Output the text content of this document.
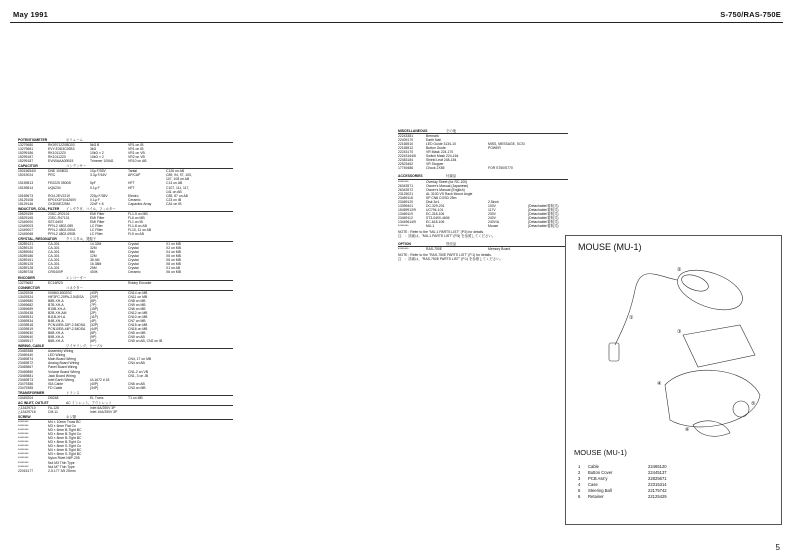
May 1991	S-750/RAS-750E
POTENTIOMETER	ボリューム
13279680	RK09712Z0BD03	5kΩ B	VR1 on IB
13279681	EVY-E3D3C20B3	3kΩ	VR1 on IB
15299186	RK10112Z0	10kΩ × 2	VR1 on VB
15299187	RK10112Z0	10kΩ × 2	VR2 on VB
15299187	EVN0AAA00B15	Trimmer 100kΩ	VR10 on AB
CAPACITOR	コンデンサー
15015654/0	DNE 100B33	10μ F/35V	Tantal	C126 on AB
15019024	PRC	3.3μ F/16V	AP/CAP	C89, 94, 97, 100,
107, 108 on AB
15159813	FE0225 050D5	5pF	HFT	C13 on AB
15159814	UQ6234	0.1μ F	HFT	C107, 111, 117,
141 on AB
15169673	RO4-2EV2210	220μ F/35V	Electro	C85, 87 on AB
15129108	EP01X2F104Z60V	0.1μ F	Ceramic	C23 on IB
15129146	CKD05E225M	22nF × 8	Capacitor Array	CA1 on IB
INDUCTOR, COIL, FILTER	インダクタ、コイル、フィルター
15529159	23SC-2R2101	EMI Filter	FL1-5 on MB
15529165	23SC-R47101	EMI Filter	FL6 on MB
12449000	SST-6400	EMI Filter	FL1 on IB
12449003	PFN-2 4802-089	LC Filter	FL1-8 on AB
12449007	PFN-2 4802-090A	LC Filter	FL10, 11 on AB
12449068	PFN-2 4802-090B	LC Filter	FL9 on AB
CRYSTAL, RESONATOR	クリスタル、発振子
15289121	CA-301	14.32M	Crystal	X1 on MB
15289120	CA-301	32M	Crystal	X2 on MB
15289084	CA-301	8M	Crystal	X4 on MB
15289186	CA-301	12M	Crystal	X5 on MB
15289161	CA-301	36.4M	Crystal	X6 on MB
15289125	CA-301	16.38M	Crystal	X8 on MB
15289128	CA-301	25M	Crystal	X1 on AB
15289728	CRS400P	400K	Ceramic	X6 on MB
ENCODER	エンコーダー
13279682	EC16R20	Rotary Encoder
CONNECTOR	コネクター
13429208	IX0863-8002SC	(40P)	CN14 on MB
13429324	HIF3FC-20PA-2.54DSA	(20P)	CN11 on MB
13469580	B8B-XH-A	(8P)	CN8 on MB
13069682	B7B-XH-A	(7P)	CN9 on MB
13069689	B15B-XH-A	(15P)	CN6 on MB
13439438	B2B-XH-AM	(2P)	CN12 on MB
13069531	B11B-XH-A	(11P)	CN10 on MB
13069534	B4B-XH-A	(4P)	CN7 on MB
13039818	PCN10EB-32P-2.54DSA	(32P)	CN15 on MB
13039819	PCN10EB-44P-2.54DSA	(44P)	CN16 on MB
13069630	B6B-XH-A	(6P)	CN5 on MB
13069640	B9B-XH-A	(9P)	CN9 on AB
13069517	B6B-XH-A	(6P)	CN5 on AB, CN2 on IB
WIRING, CABLE	ワイヤリング、ケーブル
23469388	Assembly Wiring
23469440	LED Wiring
23469874	Main Board Wiring	CN4, 17 on MB
23469872	Analog Board Wiring	CN4 on AB
23469867	Panel Board Wiring
23469880	Volume Board Wiring	CN1-2 on VB
23469881	Jack Board Wiring	CN1, 3 on JB
23469873	Inlet Earth Wiring	UL1672 # 18
23479386	ISA Cable	(40P)	CN6 on AB
23479385	FD Cable	(34P)	CN3 on MB
TRANSFORMER	トランス
13449204	DB248	EL Trans	T1 on MB
AC INLET, OUTLET	AC インレット、アウトレット
△13429710	FA-128	Inlet 6A/250V 3P
△13429718	CM-11	Inlet 10A/250V 3P
SCREW	ネジ類
********	M4 × 10mm Truss BC
********	M3 × 6mm Flat Cn
********	M3 × 6mm B-Tight BC
********	M3 × 8mm B-Tight Cn
********	M3 × 8mm B-Tight BC
********	M3 × 8mm B-Tight Cn
********	M3 × 8mm S-Tight Cn
********	M4 × 6mm B-Tight BC
********	M3 × 8mm S-Tight BC
********	Nylon Rivet N6P-205
********	Nut M3 Thin Type
********	Nut M7 Thin Type
22015177	2-5.177 3/5 25mm
MISCELLANEOUS	その他
22243381	Bremark
22409170	Earth Nail
22165510	LED Guide 3134-10	MISS, MESSAGE, SCSI
22165512	Button Guide	POWER
22243170	VR Mask 224-170
22243164/6	Switch Mask 224-164
22483184	Shield Leaf 248-184
22523462	VR Stopper
17749486	Chock 2X85	FOR S750/S770
ACCESSORIES	付属品
********	Overlay Sheet (for RC-100)
26343571	Owner's Manual (Japanese)
26343572	Owner's Manual (English)
23125021	AL 3100 VS Rack Mount Angle
23469118	SP CN6 COSD 25m
23469120	Disk 3σ1	2.5inch
13399401	DC-329-201	100V	(Detachable/着脱式)
15459912/9	UC794-101	117V	(Detachable/着脱式)
13469119	EC-318-106	230V	(Detachable/着脱式)
23469112	ST3-0400-4606	240V	(Detachable/着脱式)
13449614/9	EC-618-106	240V/A	(Detachable/着脱式)
********	MU-1	Mouse	(Detachable/着脱式)
NOTE : Refer to the "MU-1 PARTS LIST" (P.5) for details.
注　：詳細は、"MU-1 PARTS LIST" (P.5) を参照してください。
OPTION	別売品
********	RAS-750E	Memory Board
NOTE : Refer to the "RAS-750E PARTS LIST" (P.1) for details.
注　：詳細は、"RAS-750E PARTS LIST" (P.1) を参照してください。
MOUSE (MU-1)
MOUSE (MU-1)
1	Cable	22465120
2	Button Cover	22445137
3	PCB Ass'y	22825671
4	Case	22315314
5	Steering Ball	22175742
6	Retainer	22125429
①
②
③
④
⑤
⑥
5
